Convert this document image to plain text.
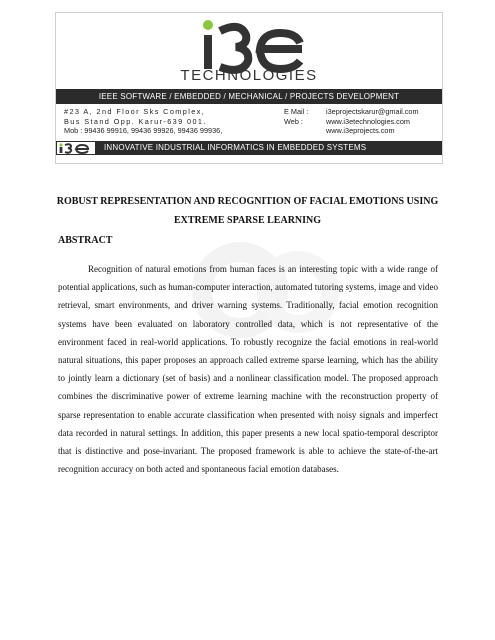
TECHNOLOGIES
IEEE SOFTWARE / EMBEDDED / MECHANICAL / PROJECTS DEVELOPMENT
#23 A, 2nd Floor Sks Complex,
Bus Stand Opp. Karur-639 001.
Mob : 99436 99916, 99436 99926, 99436 99936,
E Mail : i3eprojectskarur@gmail.com
Web :	www.i3etechnologies.com
www.i3eprojects.com
INNOVATIVE INDUSTRIAL INFORMATICS IN EMBEDDED SYSTEMS
ROBUST REPRESENTATION AND RECOGNITION OF FACIAL EMOTIONS USING
EXTREME SPARSE LEARNING
ABSTRACT

Recognition of natural emotions from human faces is an interesting topic with a wide range of potential applications, such as human-computer interaction, automated tutoring systems, image and video retrieval, smart environments, and driver warning systems. Traditionally, facial emotion recognition systems have been evaluated on laboratory controlled data, which is not representative of the environment faced in real-world applications. To robustly recognize the facial emotions in real-world natural situations, this paper proposes an approach called extreme sparse learning, which has the ability to jointly learn a dictionary (set of basis) and a nonlinear classification model. The proposed approach combines the discriminative power of extreme learning machine with the reconstruction property of sparse representation to enable accurate classification when presented with noisy signals and imperfect data recorded in natural settings. In addition, this paper presents a new local spatio-temporal descriptor that is distinctive and pose-invariant. The proposed framework is able to achieve the state-of-the-art recognition accuracy on both acted and spontaneous facial emotion databases.
